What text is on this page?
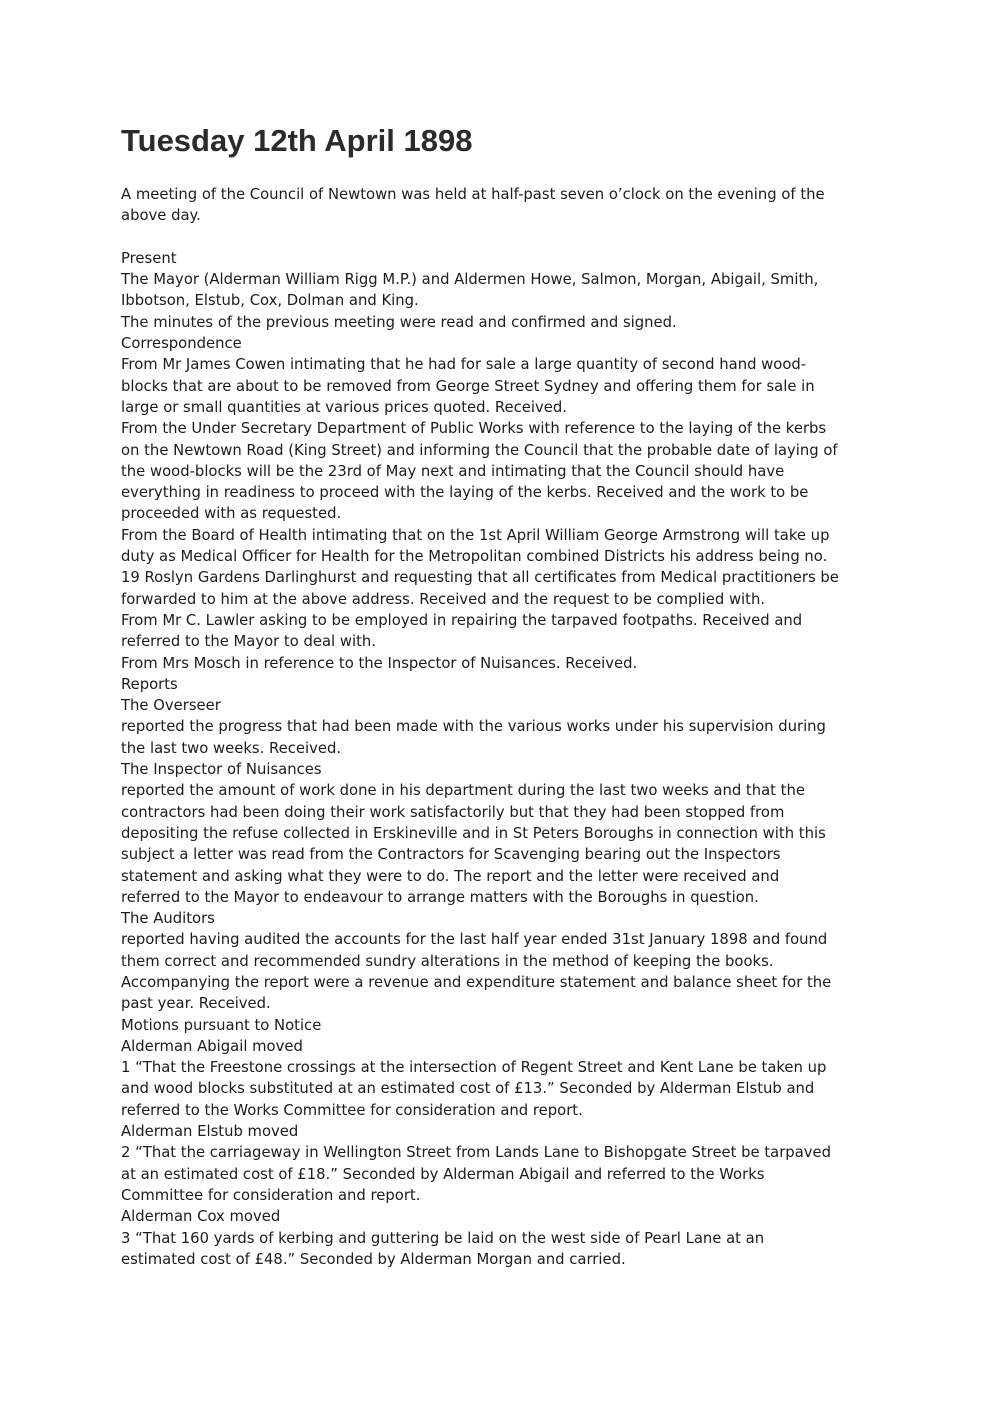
Tuesday 12th April 1898
A meeting of the Council of Newtown was held at half-past seven o’clock on the evening of the
above day.
Present
The Mayor (Alderman William Rigg M.P.) and Aldermen Howe, Salmon, Morgan, Abigail, Smith,
Ibbotson, Elstub, Cox, Dolman and King.
The minutes of the previous meeting were read and confirmed and signed.
Correspondence
From Mr James Cowen intimating that he had for sale a large quantity of second hand wood-
blocks that are about to be removed from George Street Sydney and offering them for sale in
large or small quantities at various prices quoted. Received.
From the Under Secretary Department of Public Works with reference to the laying of the kerbs
on the Newtown Road (King Street) and informing the Council that the probable date of laying of
the wood-blocks will be the 23rd of May next and intimating that the Council should have
everything in readiness to proceed with the laying of the kerbs. Received and the work to be
proceeded with as requested.
From the Board of Health intimating that on the 1st April William George Armstrong will take up
duty as Medical Officer for Health for the Metropolitan combined Districts his address being no.
19 Roslyn Gardens Darlinghurst and requesting that all certificates from Medical practitioners be
forwarded to him at the above address. Received and the request to be complied with.
From Mr C. Lawler asking to be employed in repairing the tarpaved footpaths. Received and
referred to the Mayor to deal with.
From Mrs Mosch in reference to the Inspector of Nuisances. Received.
Reports
The Overseer
reported the progress that had been made with the various works under his supervision during
the last two weeks. Received.
The Inspector of Nuisances
reported the amount of work done in his department during the last two weeks and that the
contractors had been doing their work satisfactorily but that they had been stopped from
depositing the refuse collected in Erskineville and in St Peters Boroughs in connection with this
subject a letter was read from the Contractors for Scavenging bearing out the Inspectors
statement and asking what they were to do. The report and the letter were received and
referred to the Mayor to endeavour to arrange matters with the Boroughs in question.
The Auditors
reported having audited the accounts for the last half year ended 31st January 1898 and found
them correct and recommended sundry alterations in the method of keeping the books.
Accompanying the report were a revenue and expenditure statement and balance sheet for the
past year. Received.
Motions pursuant to Notice
Alderman Abigail moved
1 “That the Freestone crossings at the intersection of Regent Street and Kent Lane be taken up
and wood blocks substituted at an estimated cost of £13.” Seconded by Alderman Elstub and
referred to the Works Committee for consideration and report.
Alderman Elstub moved
2 “That the carriageway in Wellington Street from Lands Lane to Bishopgate Street be tarpaved
at an estimated cost of £18.” Seconded by Alderman Abigail and referred to the Works
Committee for consideration and report.
Alderman Cox moved
3 “That 160 yards of kerbing and guttering be laid on the west side of Pearl Lane at an
estimated cost of £48.” Seconded by Alderman Morgan and carried.
